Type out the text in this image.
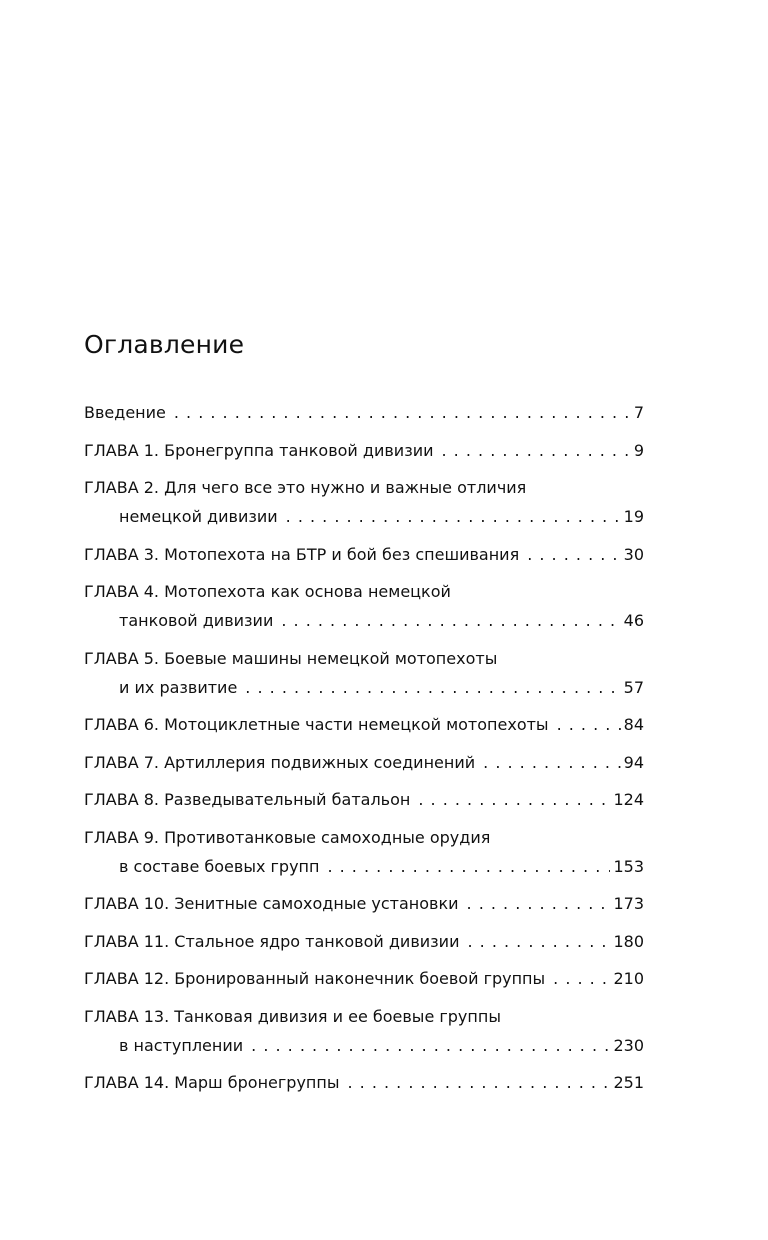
Оглавление
Введение . . .	7
ГЛАВА 1. Бронегруппа танковой дивизии . . .	9
ГЛАВА 2. Для чего все это нужно и важные отличия
немецкой дивизии . . .	19
ГЛАВА 3. Мотопехота на БТР и бой без спешивания . . .	30
ГЛАВА 4. Мотопехота как основа немецкой
танковой дивизии . . .	46
ГЛАВА 5. Боевые машины немецкой мотопехоты
и их развитие . . .	57
ГЛАВА 6. Мотоциклетные части немецкой мотопехоты . . .	84
ГЛАВА 7. Артиллерия подвижных соединений . . .	94
ГЛАВА 8. Разведывательный батальон . . .	124
ГЛАВА 9. Противотанковые самоходные орудия
в составе боевых групп . . .	153
ГЛАВА 10. Зенитные самоходные установки . . .	173
ГЛАВА 11. Стальное ядро танковой дивизии . . .	180
ГЛАВА 12. Бронированный наконечник боевой группы . . .	210
ГЛАВА 13. Танковая дивизия и ее боевые группы
в наступлении . . .	230
ГЛАВА 14. Марш бронегруппы . . .	251
